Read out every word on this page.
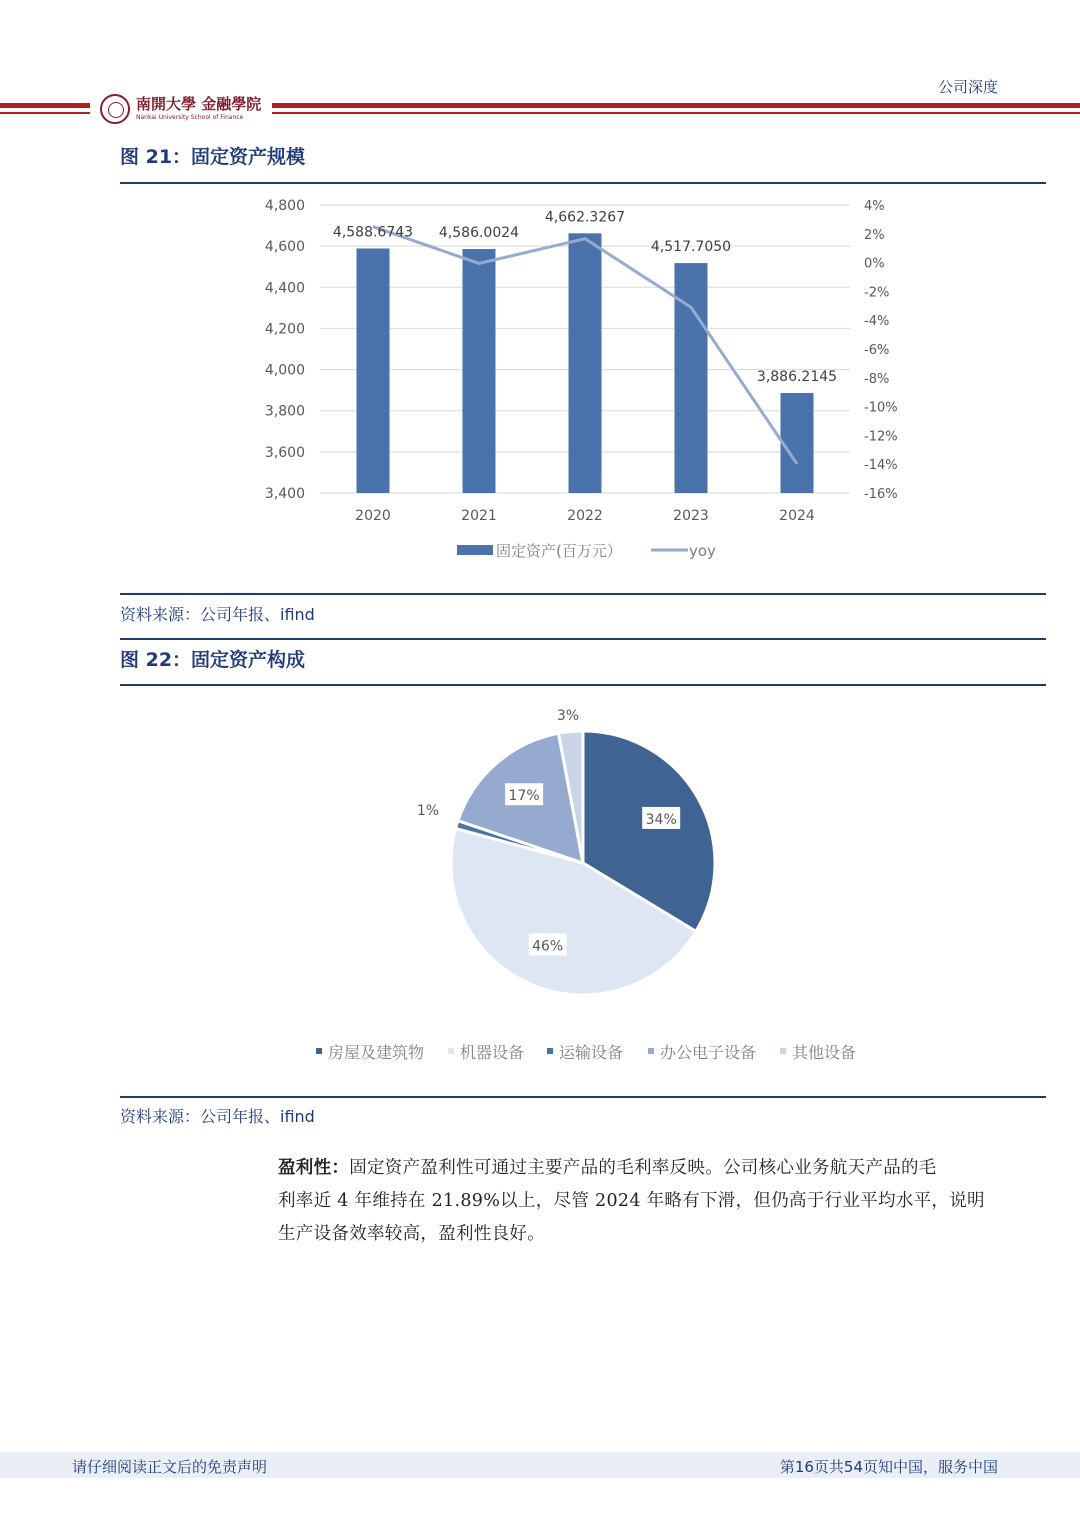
公司深度
南開大學 金融學院
Nankai University School of Finance
图 21：固定资产规模
4,588.6743 4,586.0024
4,662.3267
4,517.7050
3,886.2145
4,800
4,600
4,400
4,200
4,000
3,800
3,600
3,400
4%
2%
0%
-2%
-4%
-6%
-8%
-10%
-12%
-14%
-16%
2020	2021	2022	2023	2024
固定资产(百万元）	yoy
资料来源：公司年报、ifind
图 22：固定资产构成
34%
46%
1%
17%
3%
房屋及建筑物 机器设备 运输设备 办公电子设备 其他设备
资料来源：公司年报、ifind
盈利性：固定资产盈利性可通过主要产品的毛利率反映。公司核心业务航天产品的毛
利率近 4 年维持在 21.89%以上，尽管 2024 年略有下滑，但仍高于行业平均水平，说明
生产设备效率较高，盈利性良好。
请仔细阅读正文后的免责声明	第16页共54页知中国，服务中国
